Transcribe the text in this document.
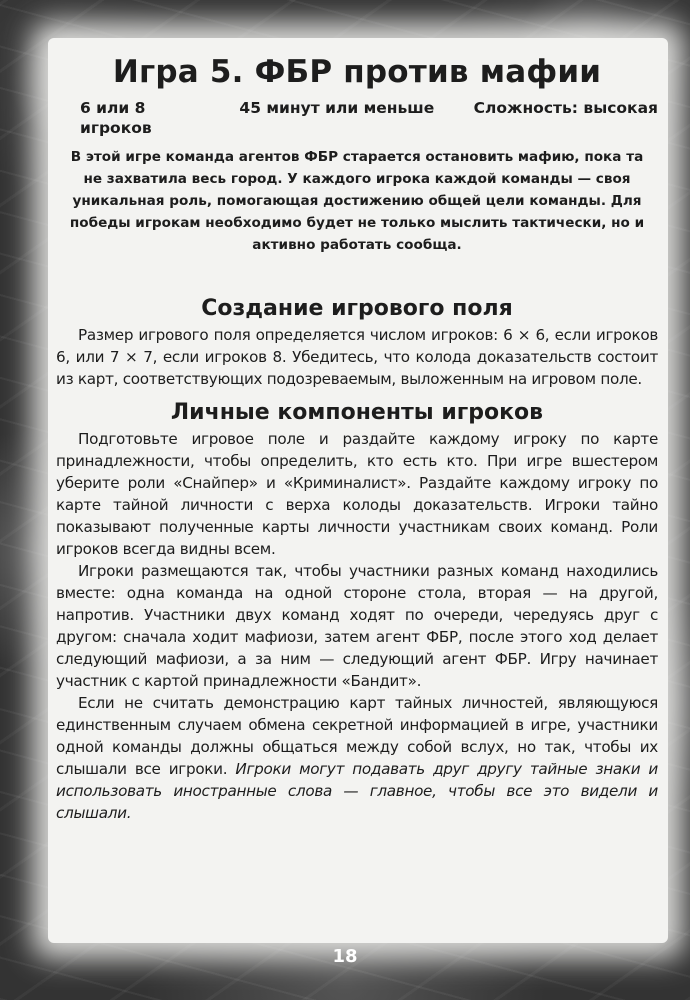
Игра 5. ФБР против мафии
6 или 8 игроков
45 минут или меньше	Сложность: высокая
В этой игре команда агентов ФБР старается остановить мафию, пока та не захватила весь город. У каждого игрока каждой команды — своя уникальная роль, помогающая достижению общей цели команды. Для победы игрокам необходимо будет не только мыслить тактически, но и активно работать сообща.
Создание игрового поля

Размер игрового поля определяется числом игроков: 6 × 6, если игроков 6, или 7 × 7, если игроков 8. Убедитесь, что колода доказательств состоит из карт, соответствующих подозреваемым, выложенным на игровом поле.

Личные компоненты игроков

Подготовьте игровое поле и раздайте каждому игроку по карте принадлежности, чтобы определить, кто есть кто. При игре вшестером уберите роли «Снайпер» и «Криминалист». Раздайте каждому игроку по карте тайной личности с верха колоды доказательств. Игроки тайно показывают полученные карты личности участникам своих команд. Роли игроков всегда видны всем.

Игроки размещаются так, чтобы участники разных команд находились вместе: одна команда на одной стороне стола, вторая — на другой, напротив. Участники двух команд ходят по очереди, чередуясь друг с другом: сначала ходит мафиози, затем агент ФБР, после этого ход делает следующий мафиози, а за ним — следующий агент ФБР. Игру начинает участник с картой принадлежности «Бандит».

Если не считать демонстрацию карт тайных личностей, являющуюся единственным случаем обмена секретной информацией в игре, участники одной команды должны общаться между собой вслух, но так, чтобы их слышали все игроки. Игроки могут подавать друг другу тайные знаки и использовать иностранные слова — главное, чтобы все это видели и слышали.

18
